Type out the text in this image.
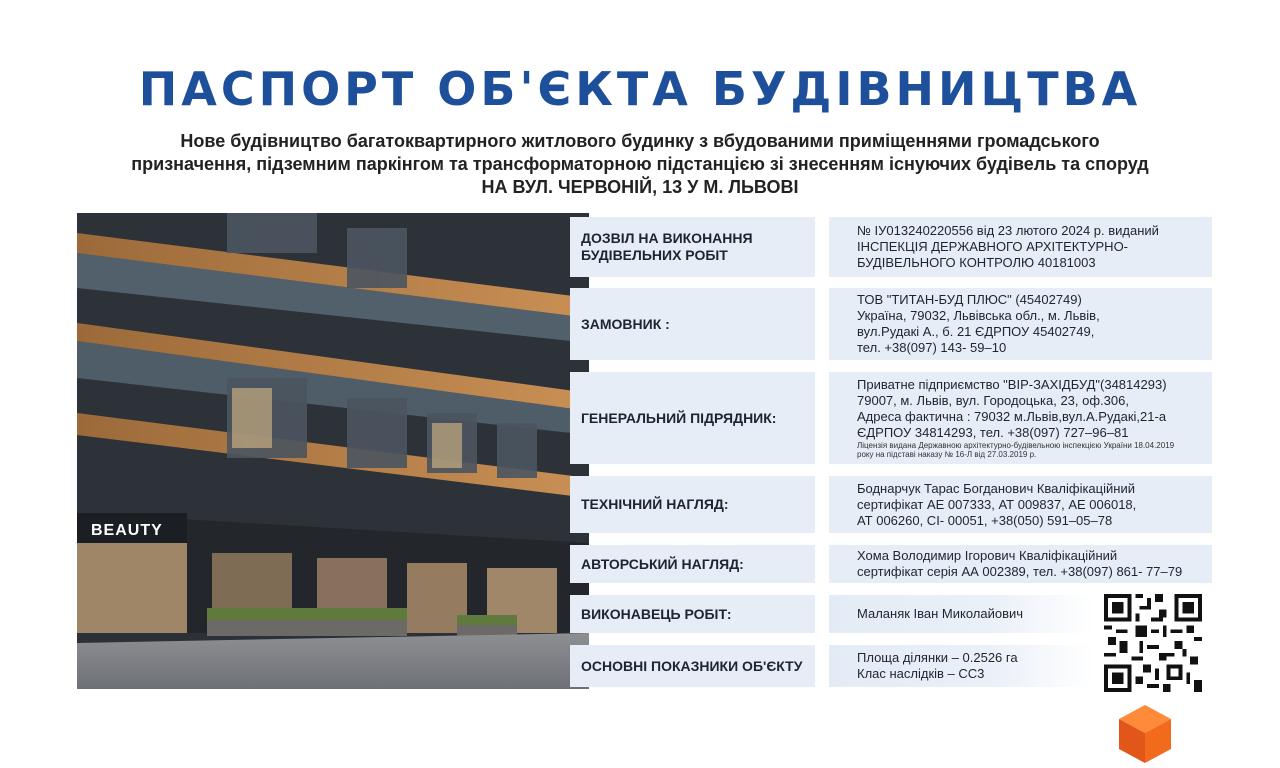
ПАСПОРТ ОБ'ЄКТА БУДІВНИЦТВА
Нове будівництво багатоквартирного житлового будинку з вбудованими приміщеннями громадського
призначення, підземним паркінгом та трансформаторною підстанцією зі знесенням існуючих будівель та споруд
НА ВУЛ. ЧЕРВОНІЙ, 13 У М. ЛЬВОВІ
BEAUTY
ДОЗВІЛ НА ВИКОНАННЯ БУДІВЕЛЬНИХ РОБІТ
№ ІУ013240220556 від 23 лютого 2024 р. виданий
ІНСПЕКЦІЯ ДЕРЖАВНОГО АРХІТЕКТУРНО-
БУДІВЕЛЬНОГО КОНТРОЛЮ 40181003
ЗАМОВНИК :
ТОВ "ТИТАН-БУД ПЛЮС" (45402749)
Україна, 79032, Львівська обл., м. Львів,
вул.Рудакі А., б. 21 ЄДРПОУ 45402749,
тел. +38(097) 143- 59–10
ГЕНЕРАЛЬНИЙ ПІДРЯДНИК:
Приватне підприємство "ВІР-ЗАХІДБУД"(34814293)
79007, м. Львів, вул. Городоцька, 23, оф.306,
Адреса фактична : 79032 м.Львів,вул.А.Рудакі,21-а
ЄДРПОУ 34814293, тел. +38(097) 727–96–81
Ліцензія видана Державною архітектурно-будівельною інспекцією України 18.04.2019
року на підставі наказу № 16-Л від 27.03.2019 р.
ТЕХНІЧНИЙ НАГЛЯД:
Боднарчук Тарас Богданович Кваліфікаційний
сертифікат АЕ 007333, АТ 009837, АЕ 006018,
АТ 006260, СІ- 00051, +38(050) 591–05–78
АВТОРСЬКИЙ НАГЛЯД:	Хома Володимир Ігорович Кваліфікаційний
сертифікат серія АА 002389, тел. +38(097) 861- 77–79
ВИКОНАВЕЦЬ РОБІТ:	Маланяк Іван Миколайович
ОСНОВНІ ПОКАЗНИКИ ОБ'ЄКТУ	Площа ділянки – 0.2526 га
Клас наслідків – СС3
